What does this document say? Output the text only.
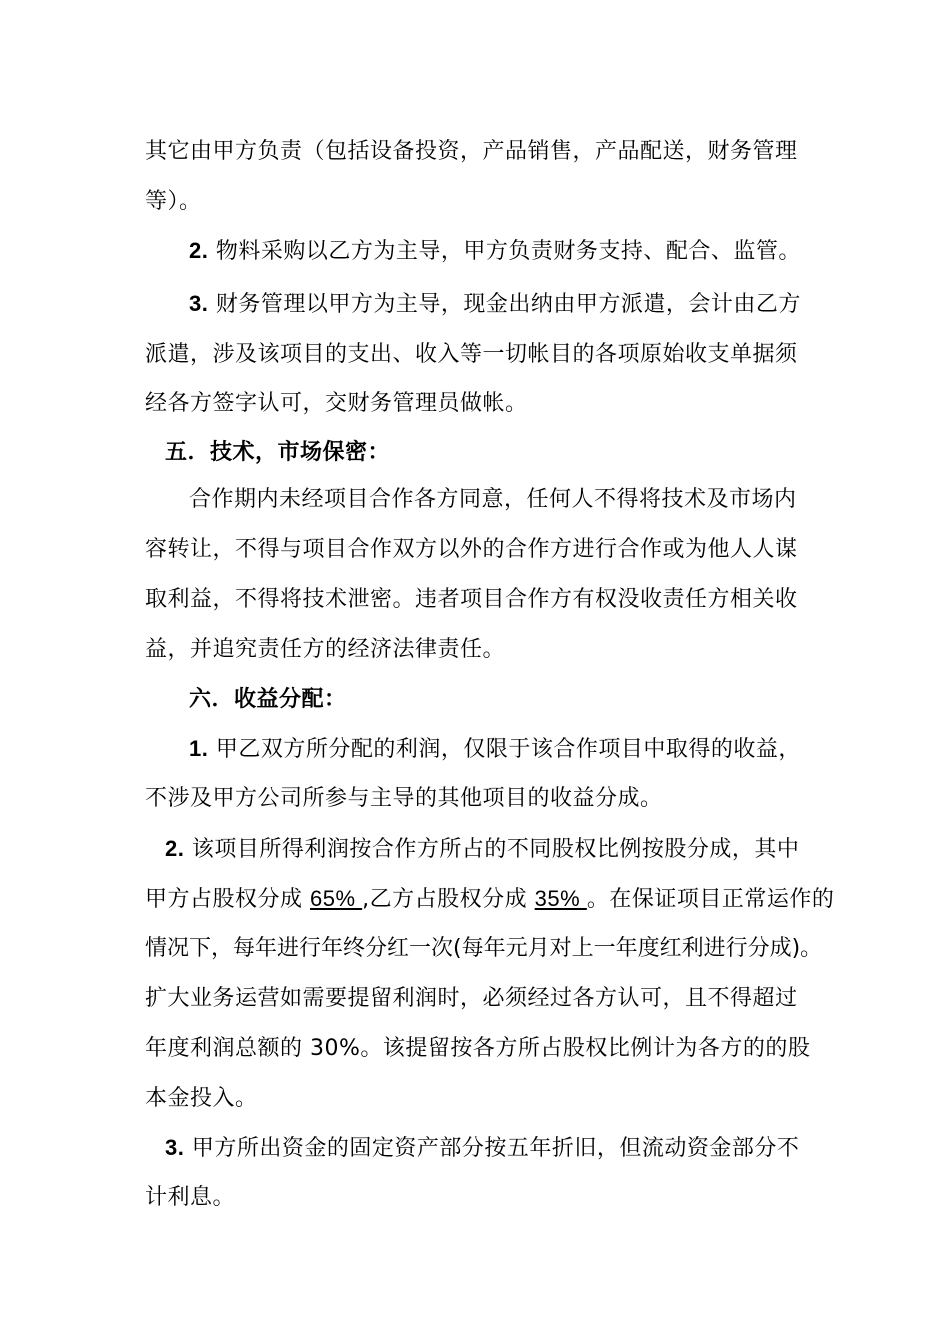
其它由甲方负责（包括设备投资，产品销售，产品配送，财务管理
等）。
2. 物料采购以乙方为主导，甲方负责财务支持、配合、监管。
3. 财务管理以甲方为主导，现金出纳由甲方派遣，会计由乙方
派遣，涉及该项目的支出、收入等一切帐目的各项原始收支单据须
经各方签字认可，交财务管理员做帐。
五．技术，市场保密：
合作期内未经项目合作各方同意，任何人不得将技术及市场内
容转让，不得与项目合作双方以外的合作方进行合作或为他人人谋
取利益，不得将技术泄密。违者项目合作方有权没收责任方相关收
益，并追究责任方的经济法律责任。
六．收益分配：
1. 甲乙双方所分配的利润，仅限于该合作项目中取得的收益，
不涉及甲方公司所参与主导的其他项目的收益分成。
2. 该项目所得利润按合作方所占的不同股权比例按股分成，其中
甲方占股权分成 65% ,乙方占股权分成 35% 。在保证项目正常运作的
情况下，每年进行年终分红一次(每年元月对上一年度红利进行分成)。
扩大业务运营如需要提留利润时，必须经过各方认可，且不得超过
年度利润总额的 30%。该提留按各方所占股权比例计为各方的的股
本金投入。
3. 甲方所出资金的固定资产部分按五年折旧，但流动资金部分不
计利息。
